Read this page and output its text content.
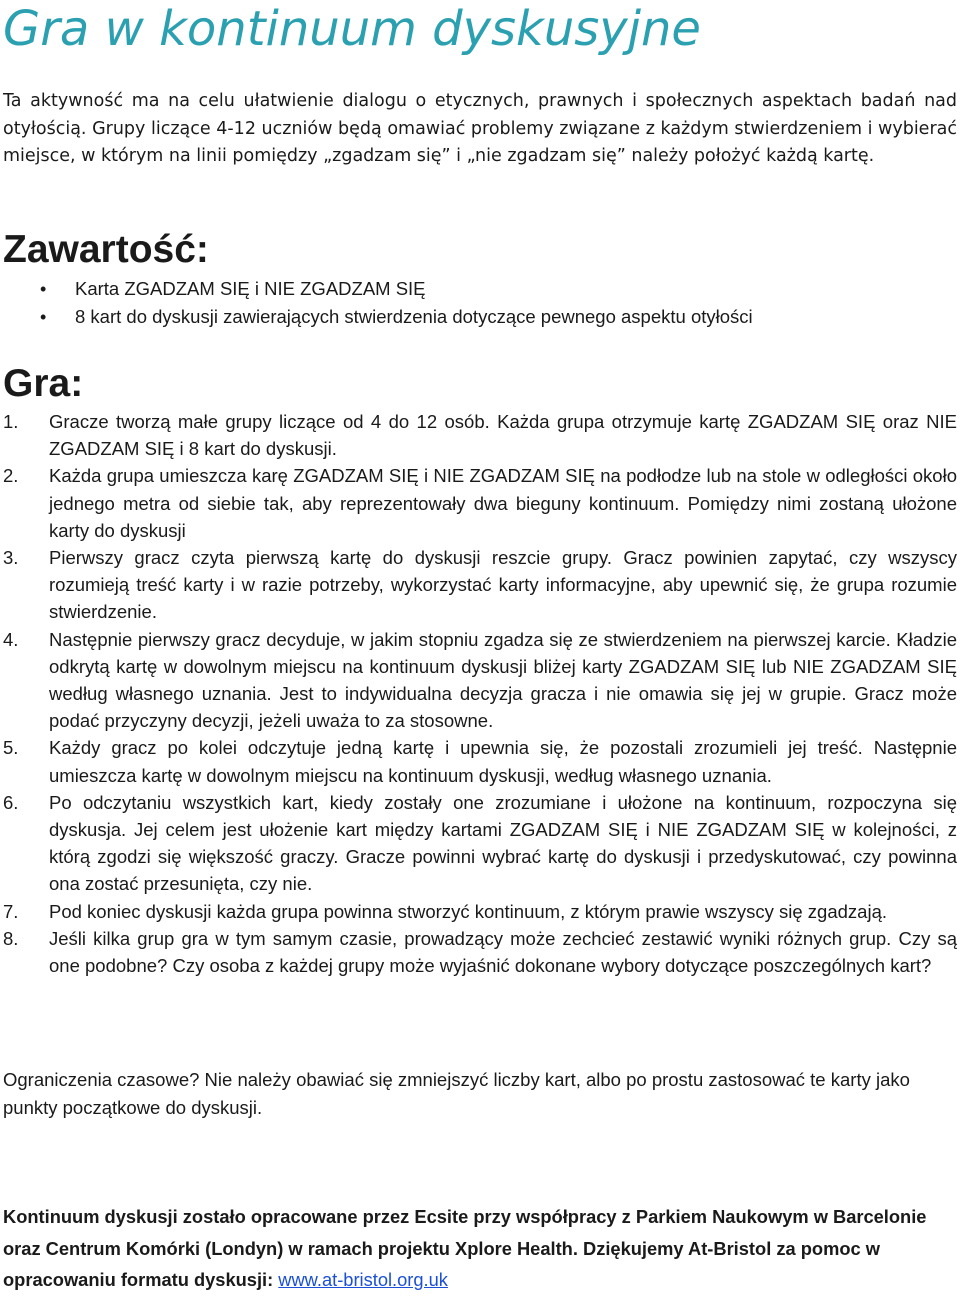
Gra w kontinuum dyskusyjne

Ta aktywność ma na celu ułatwienie dialogu o etycznych, prawnych i społecznych aspektach badań nad otyłością. Grupy liczące 4-12 uczniów będą omawiać problemy związane z każdym stwierdzeniem i wybierać miejsce, w którym na linii pomiędzy „zgadzam się” i „nie zgadzam się” należy położyć każdą kartę.

Zawartość:
• Karta ZGADZAM SIĘ i NIE ZGADZAM SIĘ
• 8 kart do dyskusji zawierających stwierdzenia dotyczące pewnego aspektu otyłości
Gra:
1. Gracze tworzą małe grupy liczące od 4 do 12 osób. Każda grupa otrzymuje kartę ZGADZAM SIĘ oraz NIE ZGADZAM SIĘ i 8 kart do dyskusji.
2. Każda grupa umieszcza karę ZGADZAM SIĘ i NIE ZGADZAM SIĘ na podłodze lub na stole w odległości około jednego metra od siebie tak, aby reprezentowały dwa bieguny kontinuum. Pomiędzy nimi zostaną ułożone karty do dyskusji
3. Pierwszy gracz czyta pierwszą kartę do dyskusji reszcie grupy. Gracz powinien zapytać, czy wszyscy rozumieją treść karty i w razie potrzeby, wykorzystać karty informacyjne, aby upewnić się, że grupa rozumie stwierdzenie.
4. Następnie pierwszy gracz decyduje, w jakim stopniu zgadza się ze stwierdzeniem na pierwszej karcie. Kładzie odkrytą kartę w dowolnym miejscu na kontinuum dyskusji bliżej karty ZGADZAM SIĘ lub NIE ZGADZAM SIĘ według własnego uznania. Jest to indywidualna decyzja gracza i nie omawia się jej w grupie. Gracz może podać przyczyny decyzji, jeżeli uważa to za stosowne.
5. Każdy gracz po kolei odczytuje jedną kartę i upewnia się, że pozostali zrozumieli jej treść. Następnie umieszcza kartę w dowolnym miejscu na kontinuum dyskusji, według własnego uznania.
6. Po odczytaniu wszystkich kart, kiedy zostały one zrozumiane i ułożone na kontinuum, rozpoczyna się dyskusja. Jej celem jest ułożenie kart między kartami ZGADZAM SIĘ i NIE ZGADZAM SIĘ w kolejności, z którą zgodzi się większość graczy. Gracze powinni wybrać kartę do dyskusji i przedyskutować, czy powinna ona zostać przesunięta, czy nie.
7. Pod koniec dyskusji każda grupa powinna stworzyć kontinuum, z którym prawie wszyscy się zgadzają.
8. Jeśli kilka grup gra w tym samym czasie, prowadzący może zechcieć zestawić wyniki różnych grup. Czy są one podobne? Czy osoba z każdej grupy może wyjaśnić dokonane wybory dotyczące poszczególnych kart?

Ograniczenia czasowe? Nie należy obawiać się zmniejszyć liczby kart, albo po prostu zastosować te karty jako punkty początkowe do dyskusji.

Kontinuum dyskusji zostało opracowane przez Ecsite przy współpracy z Parkiem Naukowym w Barcelonie oraz Centrum Komórki (Londyn) w ramach projektu Xplore Health. Dziękujemy At-Bristol za pomoc w opracowaniu formatu dyskusji: www.at-bristol.org.uk
